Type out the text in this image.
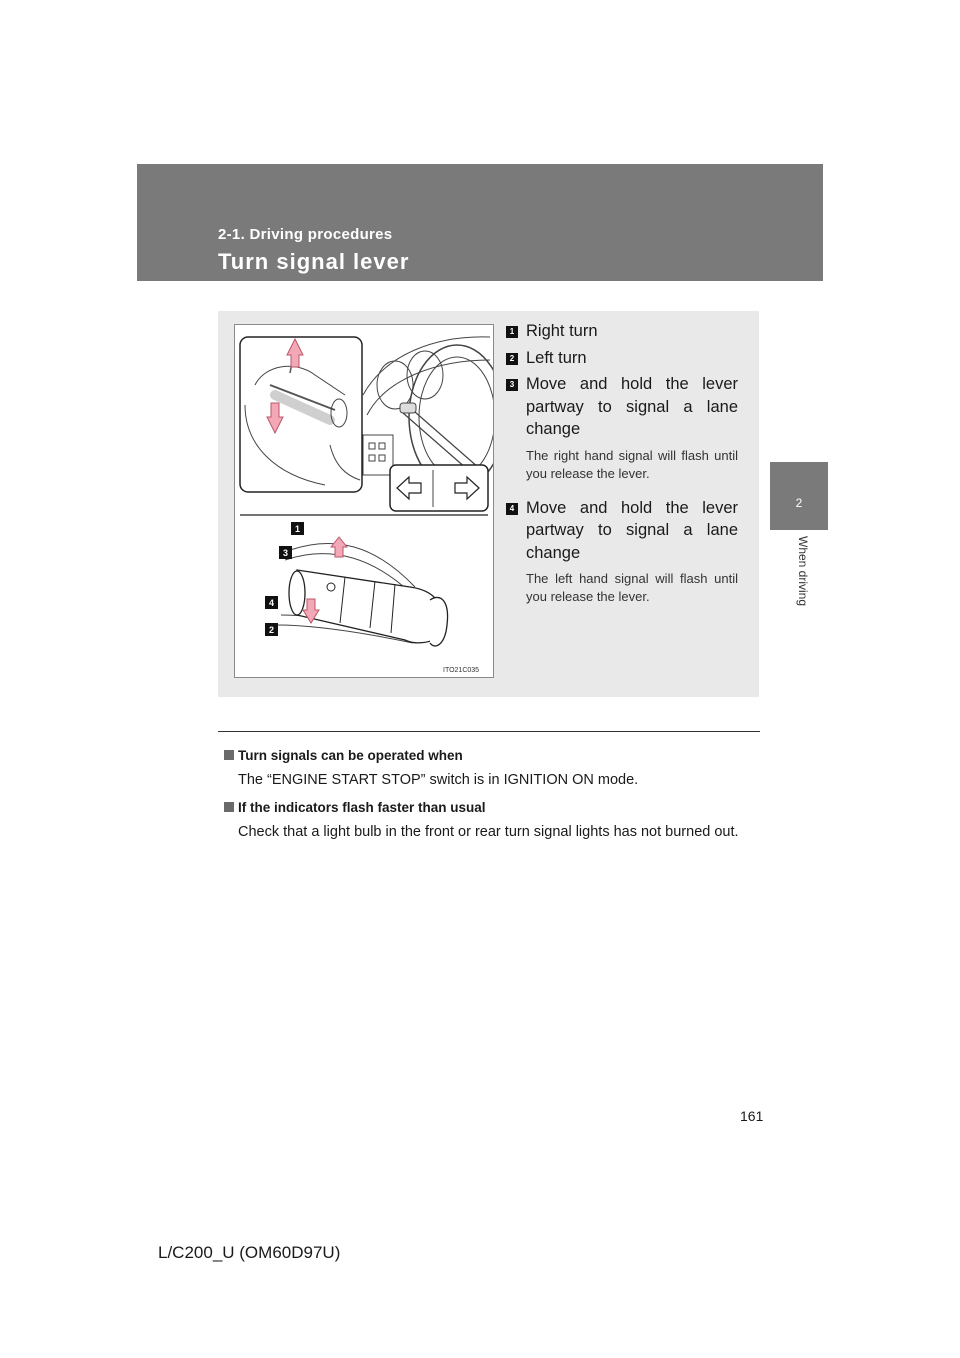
2-1. Driving procedures
Turn signal lever
2
When driving
1
3
4
2
ITO21C035
1 Right turn
2 Left turn
3 Move and hold the lever partway to signal a lane change
The right hand signal will flash until you release the lever.
4 Move and hold the lever partway to signal a lane change
The left hand signal will flash until you release the lever.
Turn signals can be operated when
The “ENGINE START STOP” switch is in IGNITION ON mode.
If the indicators flash faster than usual
Check that a light bulb in the front or rear turn signal lights has not burned out.
161
L/C200_U (OM60D97U)
